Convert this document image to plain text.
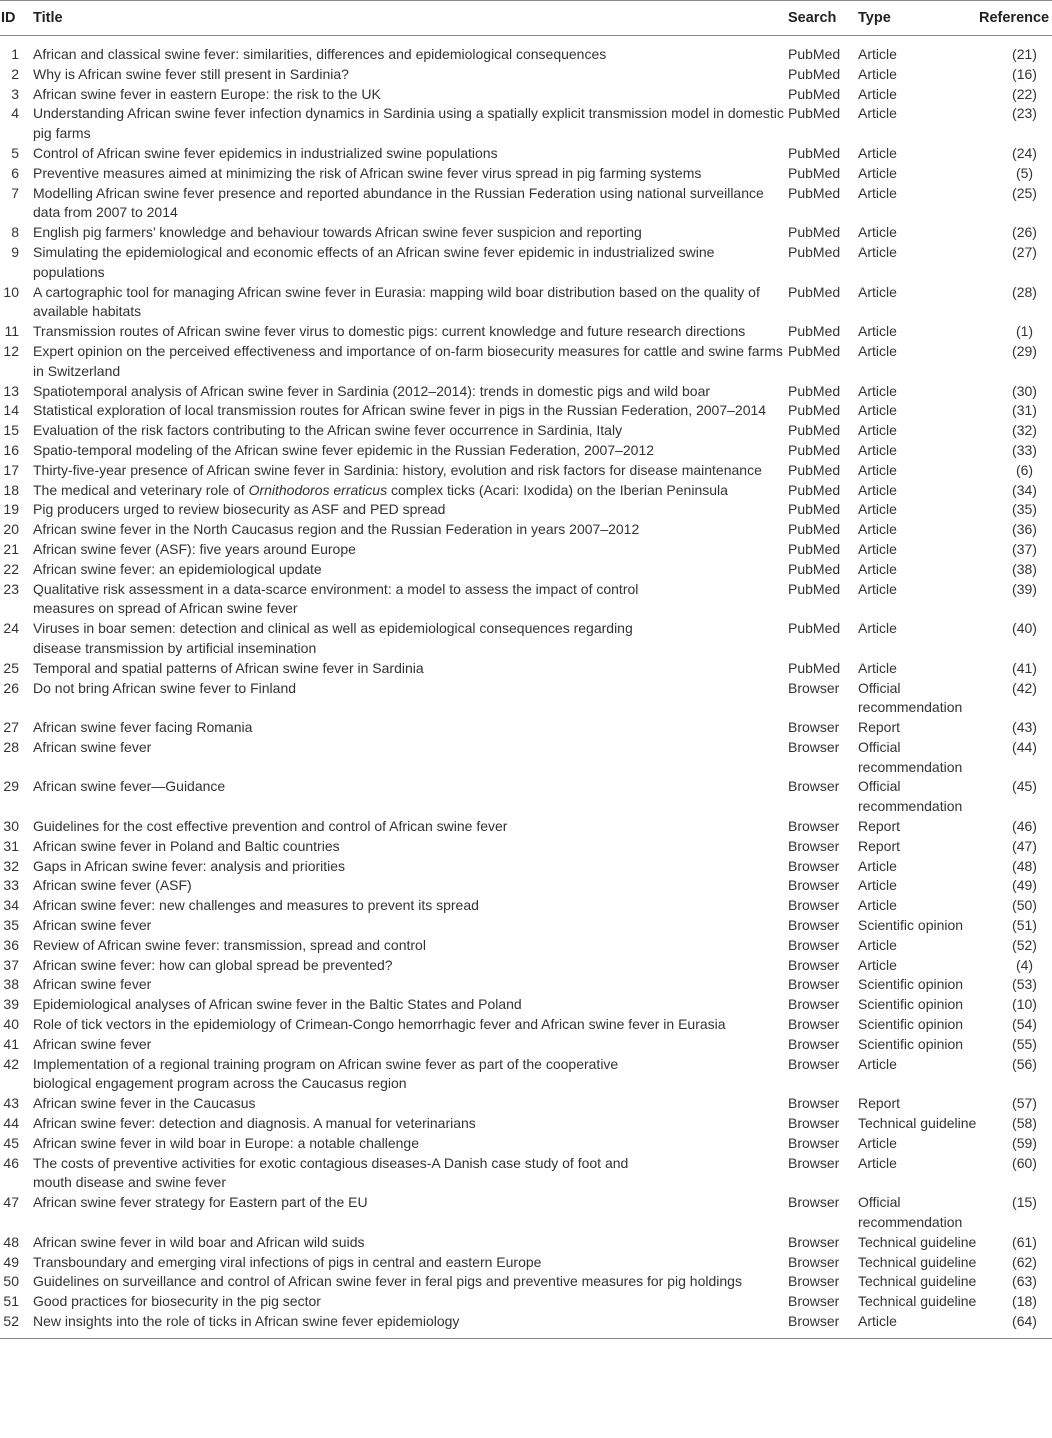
ID	Title	Search	Type	Reference
1	African and classical swine fever: similarities, differences and epidemiological consequences	PubMed	Article	(21)
2	Why is African swine fever still present in Sardinia?	PubMed	Article	(16)
3	African swine fever in eastern Europe: the risk to the UK	PubMed	Article	(22)
4	Understanding African swine fever infection dynamics in Sardinia using a spatially explicit transmission model in domestic pig farms	PubMed	Article	(23)
5	Control of African swine fever epidemics in industrialized swine populations	PubMed	Article	(24)
6	Preventive measures aimed at minimizing the risk of African swine fever virus spread in pig farming systems	PubMed	Article	(5)
7	Modelling African swine fever presence and reported abundance in the Russian Federation using national surveillance data from 2007 to 2014	PubMed	Article	(25)
8	English pig farmers’ knowledge and behaviour towards African swine fever suspicion and reporting	PubMed	Article	(26)
9	Simulating the epidemiological and economic effects of an African swine fever epidemic in industrialized swine populations	PubMed	Article	(27)
10	A cartographic tool for managing African swine fever in Eurasia: mapping wild boar distribution based on the quality of available habitats	PubMed	Article	(28)
11	Transmission routes of African swine fever virus to domestic pigs: current knowledge and future research directions	PubMed	Article	(1)
12	Expert opinion on the perceived effectiveness and importance of on-farm biosecurity measures for cattle and swine farms in Switzerland	PubMed	Article	(29)
13	Spatiotemporal analysis of African swine fever in Sardinia (2012–2014): trends in domestic pigs and wild boar	PubMed	Article	(30)
14	Statistical exploration of local transmission routes for African swine fever in pigs in the Russian Federation, 2007–2014	PubMed	Article	(31)
15	Evaluation of the risk factors contributing to the African swine fever occurrence in Sardinia, Italy	PubMed	Article	(32)
16	Spatio-temporal modeling of the African swine fever epidemic in the Russian Federation, 2007–2012	PubMed	Article	(33)
17	Thirty-five-year presence of African swine fever in Sardinia: history, evolution and risk factors for disease maintenance	PubMed	Article	(6)
18	The medical and veterinary role of Ornithodoros erraticus complex ticks (Acari: Ixodida) on the Iberian Peninsula	PubMed	Article	(34)
19	Pig producers urged to review biosecurity as ASF and PED spread	PubMed	Article	(35)
20	African swine fever in the North Caucasus region and the Russian Federation in years 2007–2012	PubMed	Article	(36)
21	African swine fever (ASF): five years around Europe	PubMed	Article	(37)
22	African swine fever: an epidemiological update	PubMed	Article	(38)
23	Qualitative risk assessment in a data-scarce environment: a model to assess the impact of control measures on spread of African swine fever	PubMed	Article	(39)
24	Viruses in boar semen: detection and clinical as well as epidemiological consequences regarding disease transmission by artificial insemination	PubMed	Article	(40)
25	Temporal and spatial patterns of African swine fever in Sardinia	PubMed	Article	(41)
26	Do not bring African swine fever to Finland	Browser	Official recommendation	(42)
27	African swine fever facing Romania	Browser	Report	(43)
28	African swine fever	Browser	Official recommendation	(44)
29	African swine fever—Guidance	Browser	Official recommendation	(45)
30	Guidelines for the cost effective prevention and control of African swine fever	Browser	Report	(46)
31	African swine fever in Poland and Baltic countries	Browser	Report	(47)
32	Gaps in African swine fever: analysis and priorities	Browser	Article	(48)
33	African swine fever (ASF)	Browser	Article	(49)
34	African swine fever: new challenges and measures to prevent its spread	Browser	Article	(50)
35	African swine fever	Browser	Scientific opinion	(51)
36	Review of African swine fever: transmission, spread and control	Browser	Article	(52)
37	African swine fever: how can global spread be prevented?	Browser	Article	(4)
38	African swine fever	Browser	Scientific opinion	(53)
39	Epidemiological analyses of African swine fever in the Baltic States and Poland	Browser	Scientific opinion	(10)
40	Role of tick vectors in the epidemiology of Crimean-Congo hemorrhagic fever and African swine fever in Eurasia	Browser	Scientific opinion	(54)
41	African swine fever	Browser	Scientific opinion	(55)
42	Implementation of a regional training program on African swine fever as part of the cooperative biological engagement program across the Caucasus region	Browser	Article	(56)
43	African swine fever in the Caucasus	Browser	Report	(57)
44	African swine fever: detection and diagnosis. A manual for veterinarians	Browser	Technical guideline	(58)
45	African swine fever in wild boar in Europe: a notable challenge	Browser	Article	(59)
46	The costs of preventive activities for exotic contagious diseases-A Danish case study of foot and mouth disease and swine fever	Browser	Article	(60)
47	African swine fever strategy for Eastern part of the EU	Browser	Official recommendation	(15)
48	African swine fever in wild boar and African wild suids	Browser	Technical guideline	(61)
49	Transboundary and emerging viral infections of pigs in central and eastern Europe	Browser	Technical guideline	(62)
50	Guidelines on surveillance and control of African swine fever in feral pigs and preventive measures for pig holdings	Browser	Technical guideline	(63)
51	Good practices for biosecurity in the pig sector	Browser	Technical guideline	(18)
52	New insights into the role of ticks in African swine fever epidemiology	Browser	Article	(64)
